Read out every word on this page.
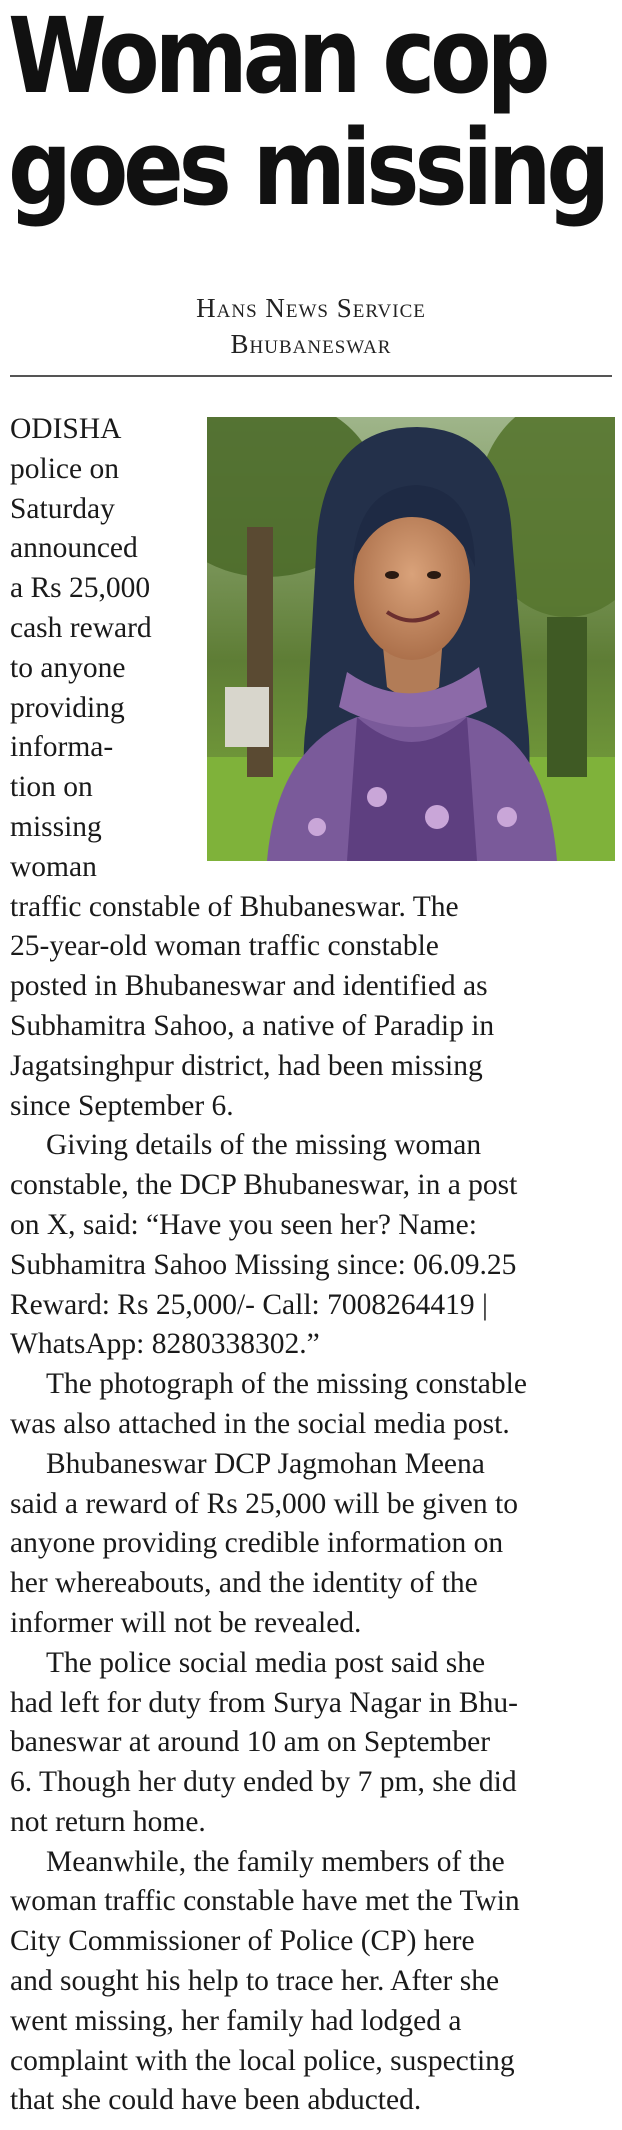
Woman cop
goes missing
Hans News Service
Bhubaneswar
ODISHA
police on
Saturday
announced
a Rs 25,000
cash reward
to anyone
providing
informa-
tion on
missing
woman
traffic constable of Bhubaneswar. The
25-year-old woman traffic constable
posted in Bhubaneswar and identified as
Subhamitra Sahoo, a native of Paradip in
Jagatsinghpur district, had been missing
since September 6.
Giving details of the missing woman
constable, the DCP Bhubaneswar, in a post
on X, said: “Have you seen her? Name:
Subhamitra Sahoo Missing since: 06.09.25
Reward: Rs 25,000/- Call: 7008264419 |
WhatsApp: 8280338302.”
The photograph of the missing constable
was also attached in the social media post.
Bhubaneswar DCP Jagmohan Meena
said a reward of Rs 25,000 will be given to
anyone providing credible information on
her whereabouts, and the identity of the
informer will not be revealed.
The police social media post said she
had left for duty from Surya Nagar in Bhu-
baneswar at around 10 am on September
6. Though her duty ended by 7 pm, she did
not return home.
Meanwhile, the family members of the
woman traffic constable have met the Twin
City Commissioner of Police (CP) here
and sought his help to trace her. After she
went missing, her family had lodged a
complaint with the local police, suspecting
that she could have been abducted.
